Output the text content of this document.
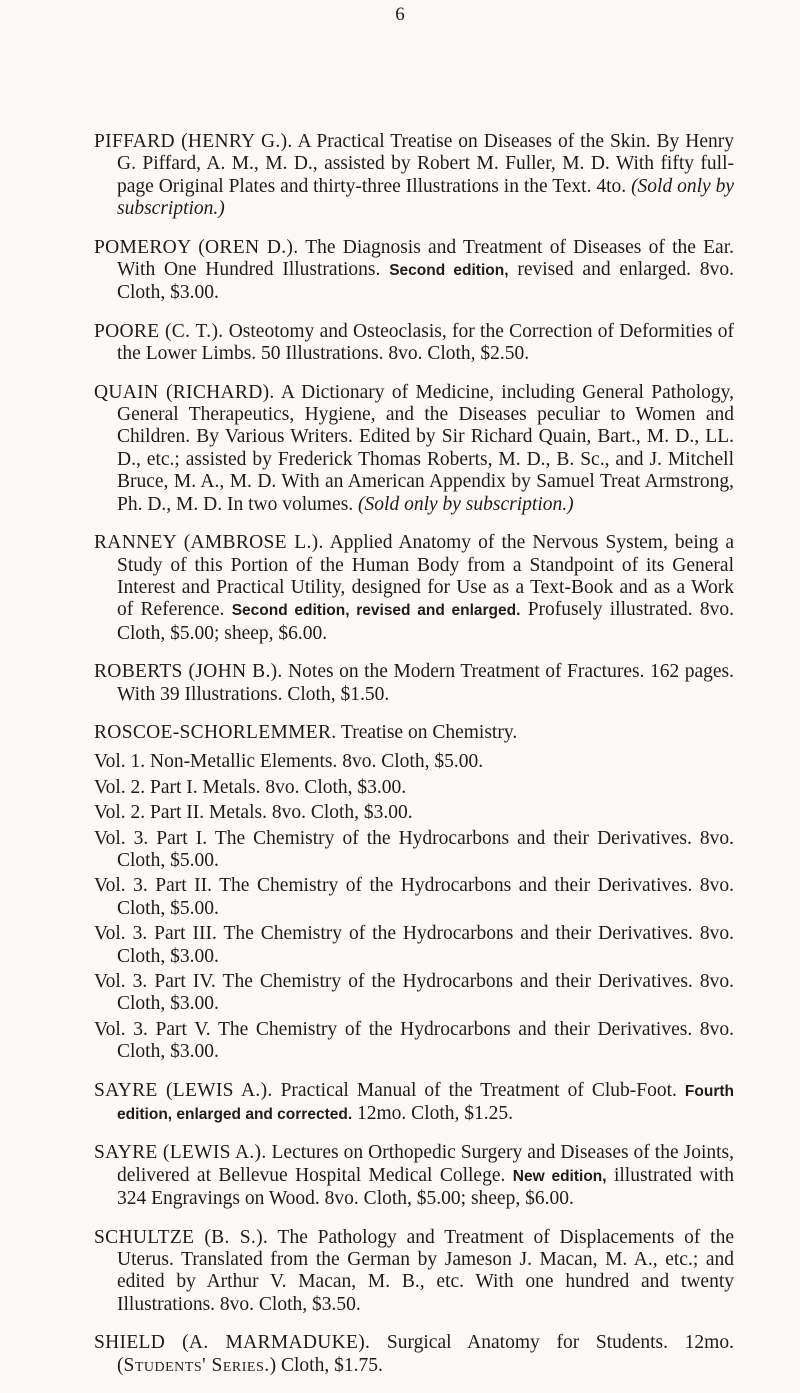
6

PIFFARD (HENRY G.). A Practical Treatise on Diseases of the Skin. By Henry G. Piffard, A. M., M. D., assisted by Robert M. Fuller, M. D. With fifty full-page Original Plates and thirty-three Illustrations in the Text. 4to. (Sold only by subscription.)

POMEROY (OREN D.). The Diagnosis and Treatment of Diseases of the Ear. With One Hundred Illustrations. Second edition, revised and enlarged. 8vo. Cloth, $3.00.

POORE (C. T.). Osteotomy and Osteoclasis, for the Correction of Deformities of the Lower Limbs. 50 Illustrations. 8vo. Cloth, $2.50.

QUAIN (RICHARD). A Dictionary of Medicine, including General Pathology, General Therapeutics, Hygiene, and the Diseases peculiar to Women and Children. By Various Writers. Edited by Sir Richard Quain, Bart., M. D., LL. D., etc.; assisted by Frederick Thomas Roberts, M. D., B. Sc., and J. Mitchell Bruce, M. A., M. D. With an American Appendix by Samuel Treat Armstrong, Ph. D., M. D. In two volumes. (Sold only by subscription.)

RANNEY (AMBROSE L.). Applied Anatomy of the Nervous System, being a Study of this Portion of the Human Body from a Standpoint of its General Interest and Practical Utility, designed for Use as a Text-Book and as a Work of Reference. Second edition, revised and enlarged. Profusely illustrated. 8vo. Cloth, $5.00; sheep, $6.00.

ROBERTS (JOHN B.). Notes on the Modern Treatment of Fractures. 162 pages. With 39 Illustrations. Cloth, $1.50.

ROSCOE-SCHORLEMMER. Treatise on Chemistry.

Vol. 1. Non-Metallic Elements. 8vo. Cloth, $5.00.

Vol. 2. Part I. Metals. 8vo. Cloth, $3.00.

Vol. 2. Part II. Metals. 8vo. Cloth, $3.00.

Vol. 3. Part I. The Chemistry of the Hydrocarbons and their Derivatives. 8vo. Cloth, $5.00.

Vol. 3. Part II. The Chemistry of the Hydrocarbons and their Derivatives. 8vo. Cloth, $5.00.

Vol. 3. Part III. The Chemistry of the Hydrocarbons and their Derivatives. 8vo. Cloth, $3.00.

Vol. 3. Part IV. The Chemistry of the Hydrocarbons and their Derivatives. 8vo. Cloth, $3.00.

Vol. 3. Part V. The Chemistry of the Hydrocarbons and their Derivatives. 8vo. Cloth, $3.00.

SAYRE (LEWIS A.). Practical Manual of the Treatment of Club-Foot. Fourth edition, enlarged and corrected. 12mo. Cloth, $1.25.

SAYRE (LEWIS A.). Lectures on Orthopedic Surgery and Diseases of the Joints, delivered at Bellevue Hospital Medical College. New edition, illustrated with 324 Engravings on Wood. 8vo. Cloth, $5.00; sheep, $6.00.

SCHULTZE (B. S.). The Pathology and Treatment of Displacements of the Uterus. Translated from the German by Jameson J. Macan, M. A., etc.; and edited by Arthur V. Macan, M. B., etc. With one hundred and twenty Illustrations. 8vo. Cloth, $3.50.

SHIELD (A. MARMADUKE). Surgical Anatomy for Students. 12mo. (Students' Series.) Cloth, $1.75.
